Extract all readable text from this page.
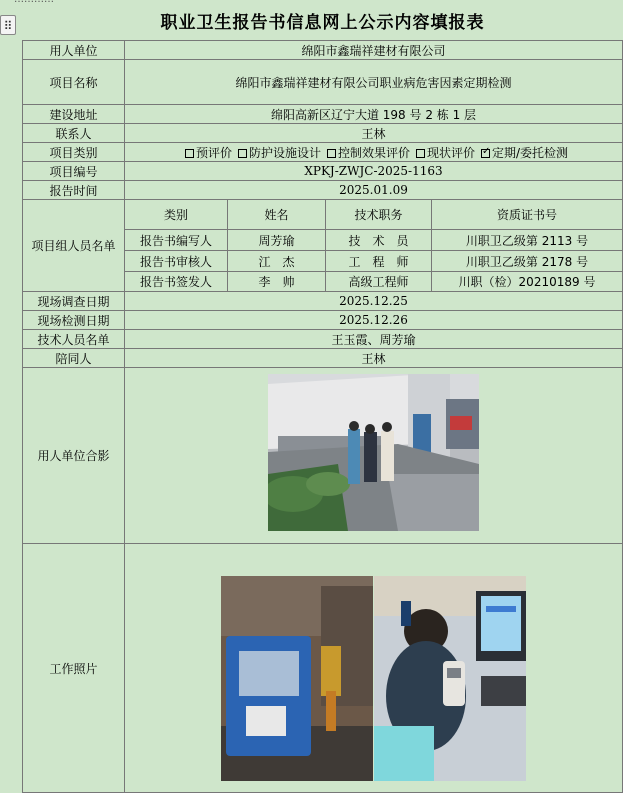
⠿	职业卫生报告书信息网上公示内容填报表
用人单位	绵阳市鑫瑞祥建材有限公司
项目名称	绵阳市鑫瑞祥建材有限公司职业病危害因素定期检测
建设地址	绵阳高新区辽宁大道 198 号 2 栋 1 层
联系人	王林
项目类别	预评价	防护设施设计	控制效果评价	现状评价
✓	定期/委托检测
项目编号	XPKJ-ZWJC-2025-1163
报告时间	2025.01.09
项目组人员名单
类别	姓名	技术职务	资质证书号
报告书编写人	周芳瑜	技　术　员	川职卫乙级第 2113 号
报告书审核人	江　杰	工　程　师	川职卫乙级第 2178 号
报告书签发人	李　帅	高级工程师	川职（检）20210189 号
现场调查日期	2025.12.25
现场检测日期	2025.12.26
技术人员名单	王玉霞、周芳瑜
陪同人	王林
用人单位合影
工作照片
